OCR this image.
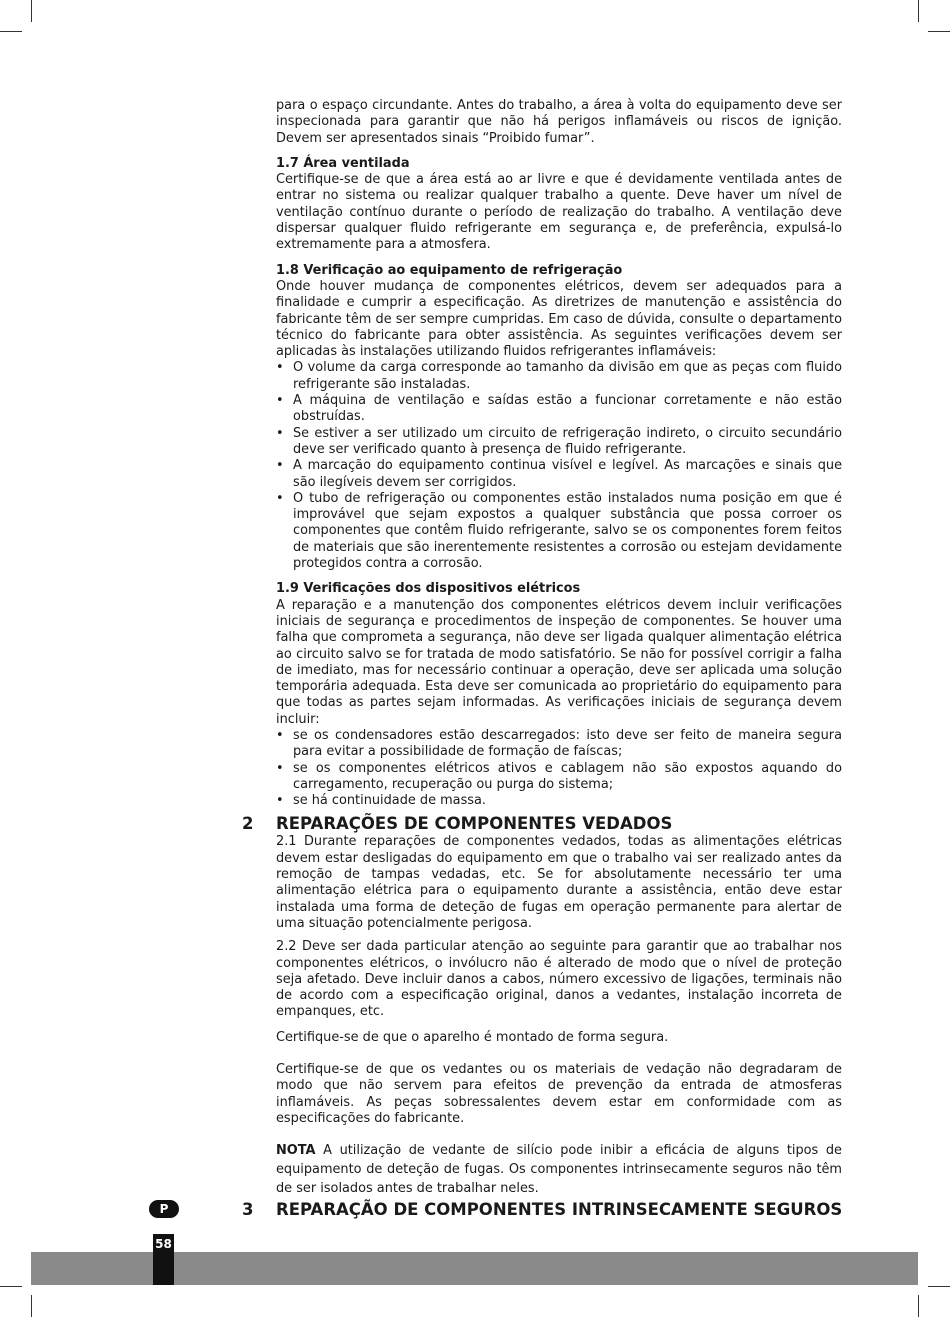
para o espaço circundante. Antes do trabalho, a área à volta do equipamento deve ser inspecionada para garantir que não há perigos inflamáveis ou riscos de ignição. Devem ser apresentados sinais “Proibido fumar”.

1.7 Área ventilada

Certifique-se de que a área está ao ar livre e que é devidamente ventilada antes de entrar no sistema ou realizar qualquer trabalho a quente. Deve haver um nível de ventilação contínuo durante o período de realização do trabalho. A ventilação deve dispersar qualquer fluido refrigerante em segurança e, de preferência, expulsá-lo extremamente para a atmosfera.

1.8 Verificação ao equipamento de refrigeração

Onde houver mudança de componentes elétricos, devem ser adequados para a finalidade e cumprir a especificação. As diretrizes de manutenção e assistência do fabricante têm de ser sempre cumpridas. Em caso de dúvida, consulte o departamento técnico do fabricante para obter assistência. As seguintes verificações devem ser aplicadas às instalações utilizando fluidos refrigerantes inflamáveis:

• O volume da carga corresponde ao tamanho da divisão em que as peças com fluido refrigerante são instaladas.
• A máquina de ventilação e saídas estão a funcionar corretamente e não estão obstruídas.
• Se estiver a ser utilizado um circuito de refrigeração indireto, o circuito secundário deve ser verificado quanto à presença de fluido refrigerante.
• A marcação do equipamento continua visível e legível. As marcações e sinais que são ilegíveis devem ser corrigidos.
• O tubo de refrigeração ou componentes estão instalados numa posição em que é improvável que sejam expostos a qualquer substância que possa corroer os componentes que contêm fluido refrigerante, salvo se os componentes forem feitos de materiais que são inerentemente resistentes a corrosão ou estejam devidamente protegidos contra a corrosão.

1.9 Verificações dos dispositivos elétricos

A reparação e a manutenção dos componentes elétricos devem incluir verificações iniciais de segurança e procedimentos de inspeção de componentes. Se houver uma falha que comprometa a segurança, não deve ser ligada qualquer alimentação elétrica ao circuito salvo se for tratada de modo satisfatório. Se não for possível corrigir a falha de imediato, mas for necessário continuar a operação, deve ser aplicada uma solução temporária adequada. Esta deve ser comunicada ao proprietário do equipamento para que todas as partes sejam informadas. As verificações iniciais de segurança devem incluir:

• se os condensadores estão descarregados: isto deve ser feito de maneira segura para evitar a possibilidade de formação de faíscas;
• se os componentes elétricos ativos e cablagem não são expostos aquando do carregamento, recuperação ou purga do sistema;
• se há continuidade de massa.

2 REPARAÇÕES DE COMPONENTES VEDADOS

2.1 Durante reparações de componentes vedados, todas as alimentações elétricas devem estar desligadas do equipamento em que o trabalho vai ser realizado antes da remoção de tampas vedadas, etc. Se for absolutamente necessário ter uma alimentação elétrica para o equipamento durante a assistência, então deve estar instalada uma forma de deteção de fugas em operação permanente para alertar de uma situação potencialmente perigosa.

2.2 Deve ser dada particular atenção ao seguinte para garantir que ao trabalhar nos componentes elétricos, o invólucro não é alterado de modo que o nível de proteção seja afetado. Deve incluir danos a cabos, número excessivo de ligações, terminais não de acordo com a especificação original, danos a vedantes, instalação incorreta de empanques, etc.

Certifique-se de que o aparelho é montado de forma segura.

Certifique-se de que os vedantes ou os materiais de vedação não degradaram de modo que não servem para efeitos de prevenção da entrada de atmosferas inflamáveis. As peças sobressalentes devem estar em conformidade com as especificações do fabricante.

NOTA A utilização de vedante de silício pode inibir a eficácia de alguns tipos de equipamento de deteção de fugas. Os componentes intrinsecamente seguros não têm de ser isolados antes de trabalhar neles.

P	3 REPARAÇÃO DE COMPONENTES INTRINSECAMENTE SEGUROS
58
